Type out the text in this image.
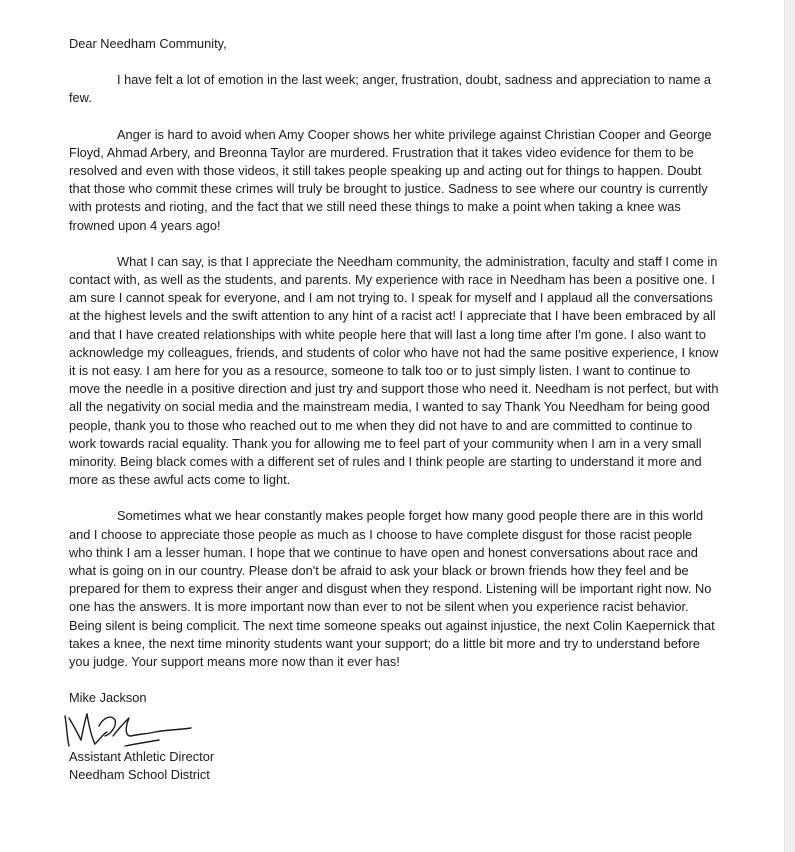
Dear Needham Community,

I have felt a lot of emotion in the last week; anger, frustration, doubt, sadness and appreciation to name a few.

Anger is hard to avoid when Amy Cooper shows her white privilege against Christian Cooper and George Floyd, Ahmad Arbery, and Breonna Taylor are murdered. Frustration that it takes video evidence for them to be resolved and even with those videos, it still takes people speaking up and acting out for things to happen. Doubt that those who commit these crimes will truly be brought to justice. Sadness to see where our country is currently with protests and rioting, and the fact that we still need these things to make a point when taking a knee was frowned upon 4 years ago!

What I can say, is that I appreciate the Needham community, the administration, faculty and staff I come in contact with, as well as the students, and parents. My experience with race in Needham has been a positive one. I am sure I cannot speak for everyone, and I am not trying to. I speak for myself and I applaud all the conversations at the highest levels and the swift attention to any hint of a racist act! I appreciate that I have been embraced by all and that I have created relationships with white people here that will last a long time after I'm gone. I also want to acknowledge my colleagues, friends, and students of color who have not had the same positive experience, I know it is not easy. I am here for you as a resource, someone to talk too or to just simply listen. I want to continue to move the needle in a positive direction and just try and support those who need it. Needham is not perfect, but with all the negativity on social media and the mainstream media, I wanted to say Thank You Needham for being good people, thank you to those who reached out to me when they did not have to and are committed to continue to work towards racial equality. Thank you for allowing me to feel part of your community when I am in a very small minority. Being black comes with a different set of rules and I think people are starting to understand it more and more as these awful acts come to light.

Sometimes what we hear constantly makes people forget how many good people there are in this world and I choose to appreciate those people as much as I choose to have complete disgust for those racist people who think I am a lesser human. I hope that we continue to have open and honest conversations about race and what is going on in our country. Please don't be afraid to ask your black or brown friends how they feel and be prepared for them to express their anger and disgust when they respond. Listening will be important right now. No one has the answers. It is more important now than ever to not be silent when you experience racist behavior. Being silent is being complicit. The next time someone speaks out against injustice, the next Colin Kaepernick that takes a knee, the next time minority students want your support; do a little bit more and try to understand before you judge. Your support means more now than it ever has!

Mike Jackson
Assistant Athletic Director
Needham School District
